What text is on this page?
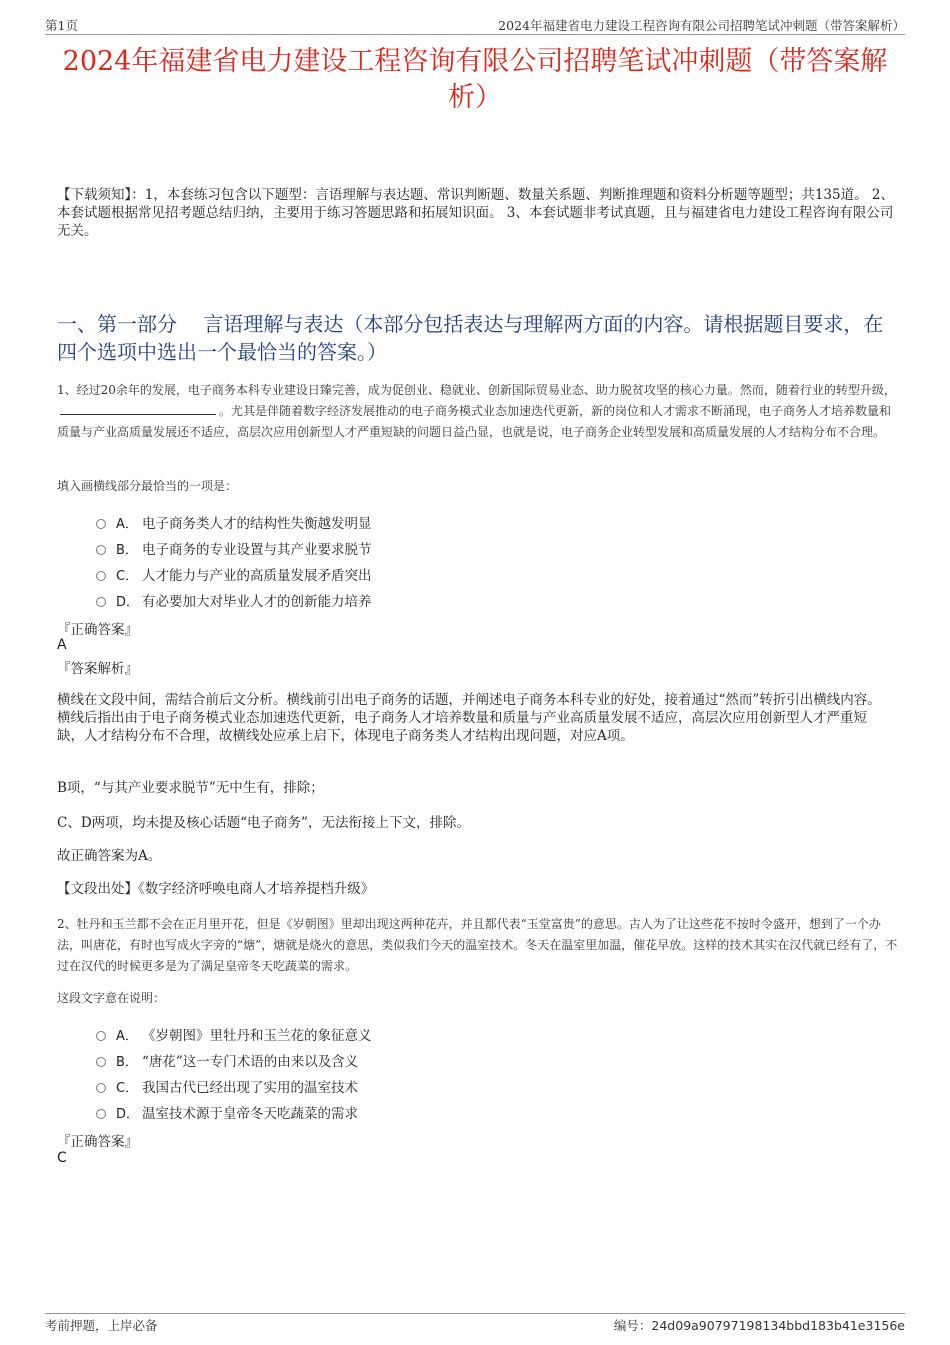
第1页	2024年福建省电力建设工程咨询有限公司招聘笔试冲刺题（带答案解析）
2024年福建省电力建设工程咨询有限公司招聘笔试冲刺题（带答案解析）
【下载须知】：1，本套练习包含以下题型：言语理解与表达题、常识判断题、数量关系题、判断推理题和资料分析题等题型；共135道。 2、本套试题根据常见招考题总结归纳，主要用于练习答题思路和拓展知识面。 3、本套试题非考试真题，且与福建省电力建设工程咨询有限公司无关。
一、第一部分　 言语理解与表达（本部分包括表达与理解两方面的内容。请根据题目要求，在四个选项中选出一个最恰当的答案。）
1、经过20余年的发展，电子商务本科专业建设日臻完善，成为促创业、稳就业、创新国际贸易业态、助力脱贫攻坚的核心力量。然而，随着行业的转型升级，。尤其是伴随着数字经济发展推动的电子商务模式业态加速迭代更新，新的岗位和人才需求不断涌现，电子商务人才培养数量和质量与产业高质量发展还不适应，高层次应用创新型人才严重短缺的问题日益凸显，也就是说，电子商务企业转型发展和高质量发展的人才结构分布不合理。
填入画横线部分最恰当的一项是：
A． 电子商务类人才的结构性失衡越发明显
B． 电子商务的专业设置与其产业要求脱节
C． 人才能力与产业的高质量发展矛盾突出
D． 有必要加大对毕业人才的创新能力培养
『正确答案』
A
『答案解析』
横线在文段中间，需结合前后文分析。横线前引出电子商务的话题，并阐述电子商务本科专业的好处，接着通过“然而”转折引出横线内容。横线后指出由于电子商务模式业态加速迭代更新，电子商务人才培养数量和质量与产业高质量发展不适应，高层次应用创新型人才严重短缺，人才结构分布不合理，故横线处应承上启下，体现电子商务类人才结构出现问题，对应A项。
B项，“与其产业要求脱节”无中生有，排除；
C、D两项，均未提及核心话题“电子商务”，无法衔接上下文，排除。
故正确答案为A。
【文段出处】《数字经济呼唤电商人才培养提档升级》
2、牡丹和玉兰都不会在正月里开花，但是《岁朝图》里却出现这两种花卉，并且都代表“玉堂富贵”的意思。古人为了让这些花不按时令盛开，想到了一个办法，叫唐花，有时也写成火字旁的“煻”，煻就是烧火的意思，类似我们今天的温室技术。冬天在温室里加温，催花早放。这样的技术其实在汉代就已经有了，不过在汉代的时候更多是为了满足皇帝冬天吃蔬菜的需求。
这段文字意在说明：
A． 《岁朝图》里牡丹和玉兰花的象征意义
B． “唐花”这一专门术语的由来以及含义
C． 我国古代已经出现了实用的温室技术
D． 温室技术源于皇帝冬天吃蔬菜的需求
『正确答案』
C
考前押题，上岸必备	编号：24d09a90797198134bbd183b41e3156e
